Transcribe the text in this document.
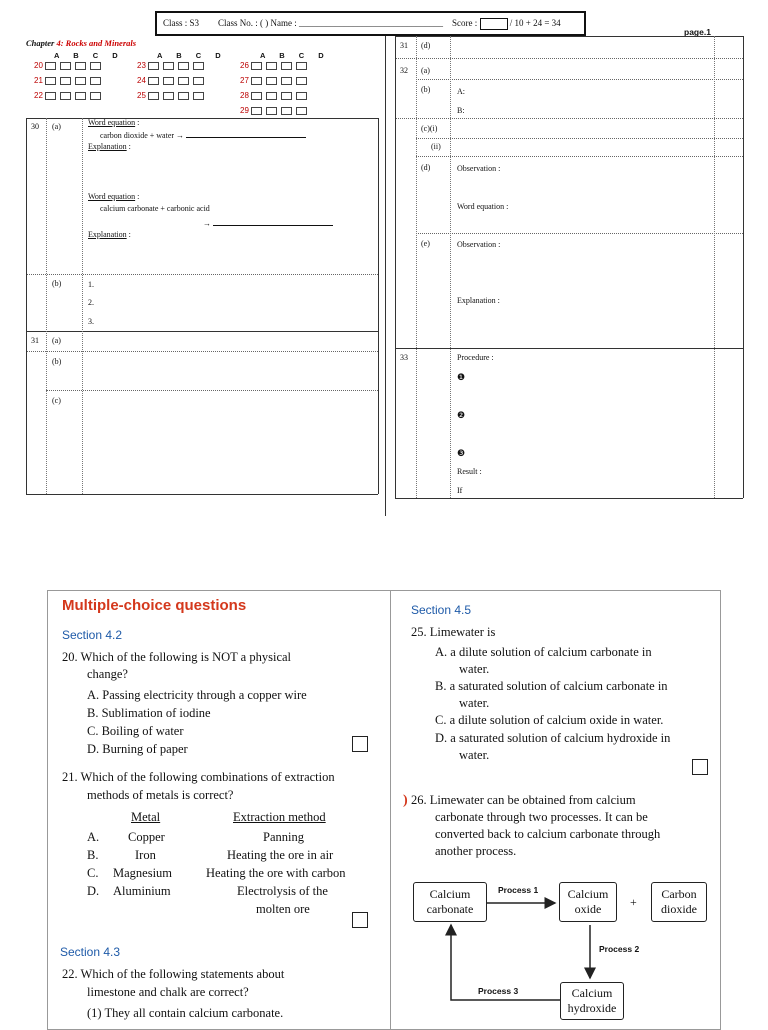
Class : S3 Class No. : ( ) Name : ________________________________ Score :	/ 10 + 24 = 34
page.1
Chapter 4: Rocks and Minerals
A B C D	A B C D	A B C D
20
21
22
23
24
25
26
27
28
29
30 (a)	Word equation :
carbon dioxide + water →
Explanation :
Word equation :
calcium carbonate + carbonic acid
→
Explanation :
(b)	1.
2.
3.
31 (a)
(b)
(c)
31 (d)
32 (a)
(b)	A:
B:
(c)(i)
(ii)
(d)	Observation :
Word equation :
(e)	Observation :
Explanation :
33	Procedure :
❶
❷
❸
Result :
If
Multiple-choice questions
Section 4.2
20. Which of the following is NOT a physical
change?
A. Passing electricity through a copper wire
B. Sublimation of iodine
C. Boiling of water
D. Burning of paper
21. Which of the following combinations of extraction
methods of metals is correct?
Metal	Extraction method
A. Copper	Panning
B.	Iron	Heating the ore in air
C. Magnesium	Heating the ore with carbon
D. Aluminium	Electrolysis of the
molten ore
Section 4.3
22. Which of the following statements about
limestone and chalk are correct?
(1) They all contain calcium carbonate.
Section 4.5
25. Limewater is
A. a dilute solution of calcium carbonate in
water.
B. a saturated solution of calcium carbonate in
water.
C. a dilute solution of calcium oxide in water.
D. a saturated solution of calcium hydroxide in
water.
) 26. Limewater can be obtained from calcium
carbonate through two processes. It can be
converted back to calcium carbonate through
another process.
Calcium
carbonate
Calcium
oxide	+
Carbon
dioxide
Calcium
hydroxide
Process 1
Process 2
Process 3
